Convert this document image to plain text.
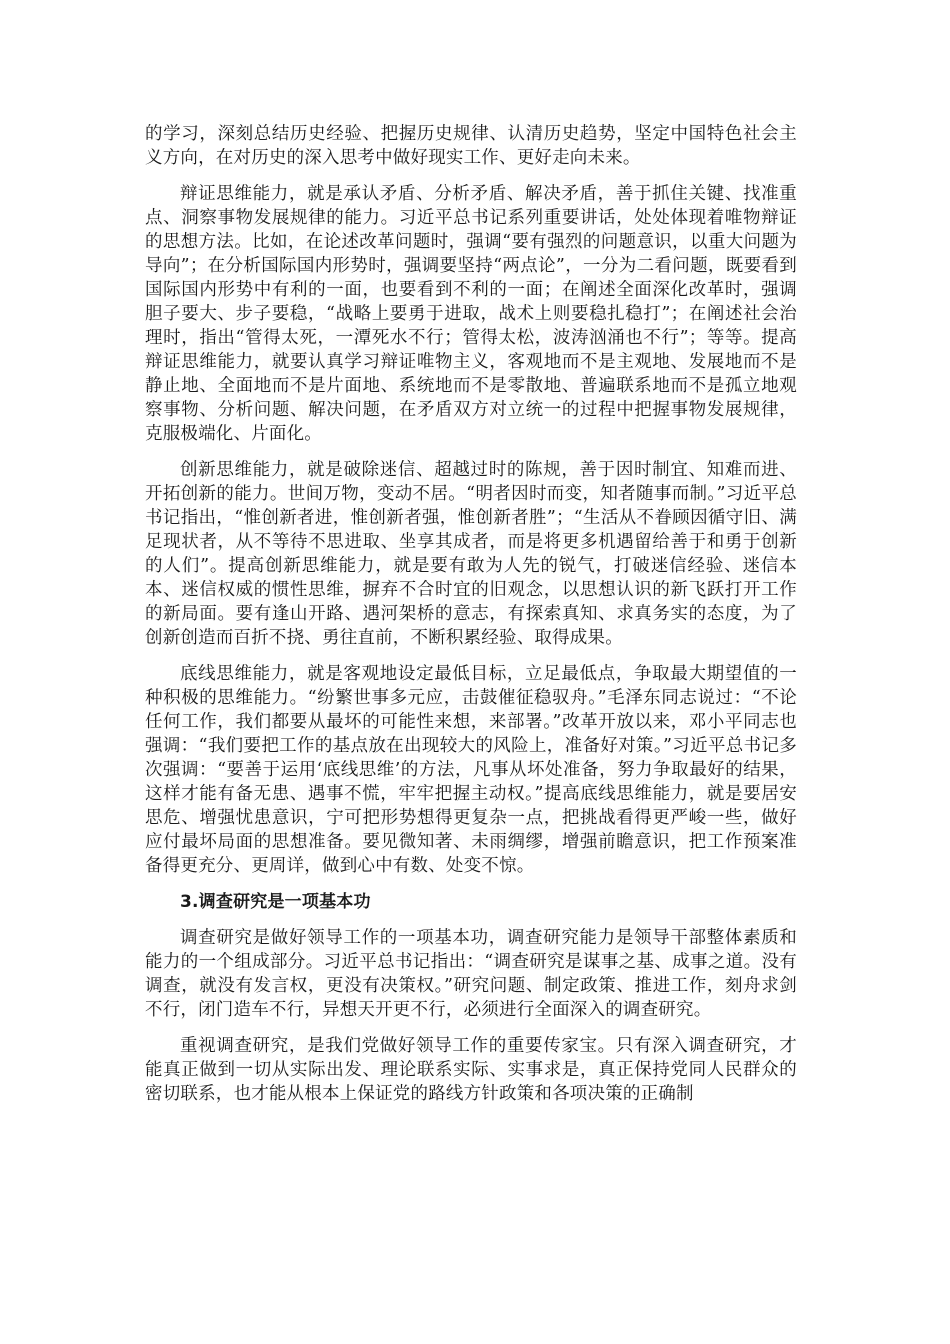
的学习，深刻总结历史经验、把握历史规律、认清历史趋势，坚定中国特色社会主义方向，在对历史的深入思考中做好现实工作、更好走向未来。

辩证思维能力，就是承认矛盾、分析矛盾、解决矛盾，善于抓住关键、找准重点、洞察事物发展规律的能力。习近平总书记系列重要讲话，处处体现着唯物辩证的思想方法。比如，在论述改革问题时，强调“要有强烈的问题意识，以重大问题为导向”；在分析国际国内形势时，强调要坚持“两点论”，一分为二看问题，既要看到国际国内形势中有利的一面，也要看到不利的一面；在阐述全面深化改革时，强调胆子要大、步子要稳，“战略上要勇于进取，战术上则要稳扎稳打”；在阐述社会治理时，指出“管得太死，一潭死水不行；管得太松，波涛汹涌也不行”；等等。提高辩证思维能力，就要认真学习辩证唯物主义，客观地而不是主观地、发展地而不是静止地、全面地而不是片面地、系统地而不是零散地、普遍联系地而不是孤立地观察事物、分析问题、解决问题，在矛盾双方对立统一的过程中把握事物发展规律，克服极端化、片面化。

创新思维能力，就是破除迷信、超越过时的陈规，善于因时制宜、知难而进、开拓创新的能力。世间万物，变动不居。“明者因时而变，知者随事而制。”习近平总书记指出，“惟创新者进，惟创新者强，惟创新者胜”；“生活从不眷顾因循守旧、满足现状者，从不等待不思进取、坐享其成者，而是将更多机遇留给善于和勇于创新的人们”。提高创新思维能力，就是要有敢为人先的锐气，打破迷信经验、迷信本本、迷信权威的惯性思维，摒弃不合时宜的旧观念，以思想认识的新飞跃打开工作的新局面。要有逢山开路、遇河架桥的意志，有探索真知、求真务实的态度，为了创新创造而百折不挠、勇往直前，不断积累经验、取得成果。

底线思维能力，就是客观地设定最低目标，立足最低点，争取最大期望值的一种积极的思维能力。“纷繁世事多元应，击鼓催征稳驭舟。”毛泽东同志说过：“不论任何工作，我们都要从最坏的可能性来想，来部署。”改革开放以来，邓小平同志也强调：“我们要把工作的基点放在出现较大的风险上，准备好对策。”习近平总书记多次强调：“要善于运用‘底线思维’的方法，凡事从坏处准备，努力争取最好的结果，这样才能有备无患、遇事不慌，牢牢把握主动权。”提高底线思维能力，就是要居安思危、增强忧患意识，宁可把形势想得更复杂一点，把挑战看得更严峻一些，做好应付最坏局面的思想准备。要见微知著、未雨绸缪，增强前瞻意识，把工作预案准备得更充分、更周详，做到心中有数、处变不惊。

3.调查研究是一项基本功

调查研究是做好领导工作的一项基本功，调查研究能力是领导干部整体素质和能力的一个组成部分。习近平总书记指出：“调查研究是谋事之基、成事之道。没有调查，就没有发言权，更没有决策权。”研究问题、制定政策、推进工作，刻舟求剑不行，闭门造车不行，异想天开更不行，必须进行全面深入的调查研究。

重视调查研究，是我们党做好领导工作的重要传家宝。只有深入调查研究，才能真正做到一切从实际出发、理论联系实际、实事求是，真正保持党同人民群众的密切联系，也才能从根本上保证党的路线方针政策和各项决策的正确制
